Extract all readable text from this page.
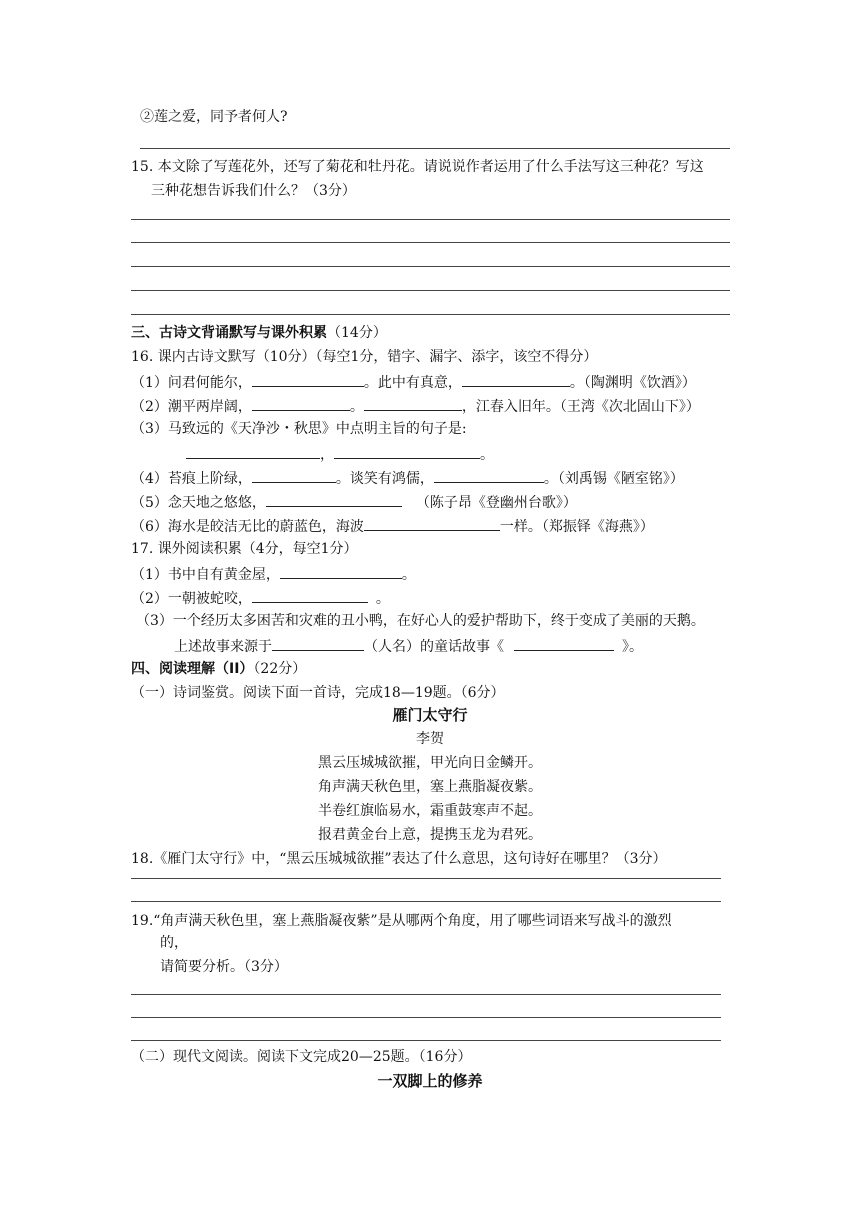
②莲之爱，同予者何人?
15. 本文除了写莲花外，还写了菊花和牡丹花。请说说作者运用了什么手法写这三种花？写这
三种花想告诉我们什么？（3分）
三、古诗文背诵默写与课外积累（14分）
16. 课内古诗文默写（10分）（每空1分，错字、漏字、添字，该空不得分）
（1）问君何能尔，	。此中有真意，	。（陶渊明《饮酒》）
（2）潮平两岸阔，	。	，江春入旧年。（王湾《次北固山下》）
（3）马致远的《天净沙・秋思》中点明主旨的句子是:
，	。
（4）苔痕上阶绿，	。谈笑有鸿儒，	。（刘禹锡《陋室铭》）
（5）念天地之悠悠，	（陈子昂《登幽州台歌》）
（6）海水是皎洁无比的蔚蓝色，海波	一样。（郑振铎《海燕》）
17. 课外阅读积累（4分，每空1分）
（1）书中自有黄金屋，	。
（2）一朝被蛇咬，	。
（3）一个经历太多困苦和灾难的丑小鸭，在好心人的爱护帮助下，终于变成了美丽的天鹅。
上述故事来源于	（人名）的童话故事《	》。
四、阅读理解（II）（22分）
（一）诗词鉴赏。阅读下面一首诗，完成18—19题。（6分）
雁门太守行
李贺
黑云压城城欲摧，甲光向日金鳞开。
角声满天秋色里，塞上燕脂凝夜紫。
半卷红旗临易水，霜重鼓寒声不起。
报君黄金台上意，提携玉龙为君死。
18.《雁门太守行》中，“黑云压城城欲摧”表达了什么意思，这句诗好在哪里？（3分）
19.“角声满天秋色里，塞上燕脂凝夜紫”是从哪两个角度，用了哪些词语来写战斗的激烈
的，
请简要分析。（3分）
（二）现代文阅读。阅读下文完成20—25题。（16分）
一双脚上的修养
